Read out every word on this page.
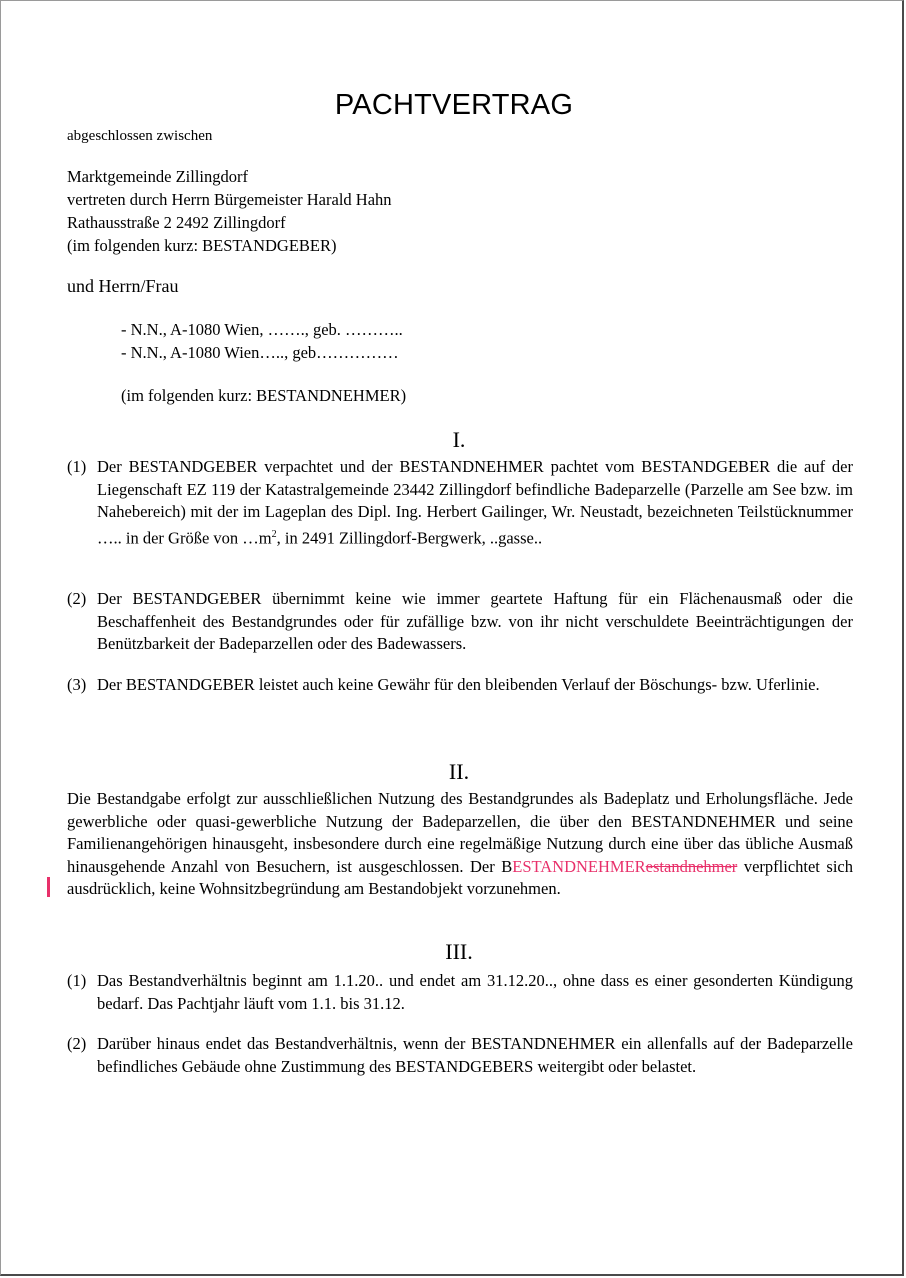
PACHTVERTRAG
abgeschlossen zwischen
Marktgemeinde Zillingdorf
vertreten durch Herrn Bürgemeister Harald Hahn
Rathausstraße 2 2492 Zillingdorf
(im folgenden kurz: BESTANDGEBER)
und Herrn/Frau
- N.N., A-1080 Wien, ……., geb. ………..
- N.N., A-1080 Wien….., geb……………
(im folgenden kurz: BESTANDNEHMER)
I.
(1) Der BESTANDGEBER verpachtet und der BESTANDNEHMER pachtet vom BESTANDGEBER die auf der Liegenschaft EZ 119 der Katastralgemeinde 23442 Zillingdorf befindliche Badeparzelle (Parzelle am See bzw. im Nahebereich) mit der im Lageplan des Dipl. Ing. Herbert Gailinger, Wr. Neustadt, bezeichneten Teilstücknummer ….. in der Größe von $\dots m^2$, in 2491 Zillingdorf-Bergwerk, ..gasse..
(2) Der BESTANDGEBER übernimmt keine wie immer geartete Haftung für ein Flächenausmaß oder die Beschaffenheit des Bestandgrundes oder für zufällige bzw. von ihr nicht verschuldete Beeinträchtigungen der Benützbarkeit der Badeparzellen oder des Badewassers.
(3) Der BESTANDGEBER leistet auch keine Gewähr für den bleibenden Verlauf der Böschungs- bzw. Uferlinie.
II.
Die Bestandgabe erfolgt zur ausschließlichen Nutzung des Bestandgrundes als Badeplatz und Erholungsfläche. Jede gewerbliche oder quasi-gewerbliche Nutzung der Badeparzellen, die über den BESTANDNEHMER und seine Familienangehörigen hinausgeht, insbesondere durch eine regelmäßige Nutzung durch eine über das übliche Ausmaß hinausgehende Anzahl von Besuchern, ist ausgeschlossen. Der BESTANDNEHMERestandnehmer verpflichtet sich ausdrücklich, keine Wohnsitzbegründung am Bestandobjekt vorzunehmen.
III.
(1) Das Bestandverhältnis beginnt am 1.1.20.. und endet am 31.12.20.., ohne dass es einer gesonderten Kündigung bedarf. Das Pachtjahr läuft vom 1.1. bis 31.12.
(2) Darüber hinaus endet das Bestandverhältnis, wenn der BESTANDNEHMER ein allenfalls auf der Badeparzelle befindliches Gebäude ohne Zustimmung des BESTANDGEBERS weitergibt oder belastet.
